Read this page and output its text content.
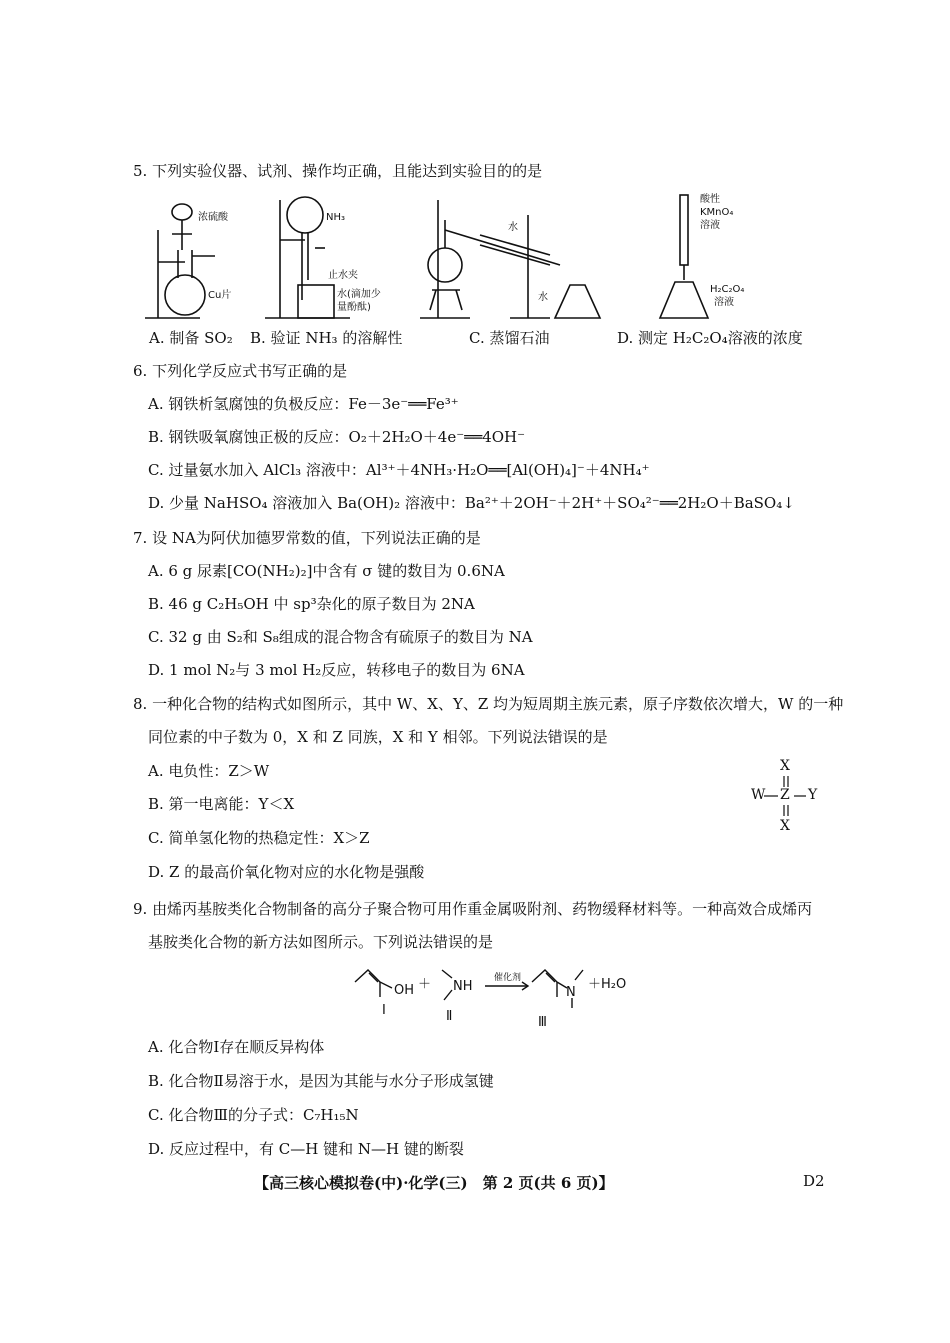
5. 下列实验仪器、试剂、操作均正确，且能达到实验目的的是
浓硫酸
Cu片
NH₃
止水夹
水(滴加少
量酚酞)
水
水
酸性
KMnO₄
溶液
H₂C₂O₄
溶液
A. 制备 SO₂ B. 验证 NH₃ 的溶解性	C. 蒸馏石油	D. 测定 H₂C₂O₄溶液的浓度
6. 下列化学反应式书写正确的是
A. 钢铁析氢腐蚀的负极反应：Fe－3e⁻══Fe³⁺
B. 钢铁吸氧腐蚀正极的反应：O₂＋2H₂O＋4e⁻══4OH⁻
C. 过量氨水加入 AlCl₃ 溶液中：Al³⁺＋4NH₃·H₂O══[Al(OH)₄]⁻＋4NH₄⁺
D. 少量 NaHSO₄ 溶液加入 Ba(OH)₂ 溶液中：Ba²⁺＋2OH⁻＋2H⁺＋SO₄²⁻══2H₂O＋BaSO₄↓
7. 设 NA为阿伏加德罗常数的值，下列说法正确的是
A. 6 g 尿素[CO(NH₂)₂]中含有 σ 键的数目为 0.6NA
B. 46 g C₂H₅OH 中 sp³杂化的原子数目为 2NA
C. 32 g 由 S₂和 S₈组成的混合物含有硫原子的数目为 NA
D. 1 mol N₂与 3 mol H₂反应，转移电子的数目为 6NA
8. 一种化合物的结构式如图所示，其中 W、X、Y、Z 均为短周期主族元素，原子序数依次增大，W 的一种
同位素的中子数为 0，X 和 Z 同族，X 和 Y 相邻。下列说法错误的是
A. 电负性：Z＞W
B. 第一电离能：Y＜X
C. 简单氢化物的热稳定性：X＞Z
D. Z 的最高价氧化物对应的水化物是强酸
X
W Z Y
X
9. 由烯丙基胺类化合物制备的高分子聚合物可用作重金属吸附剂、药物缓释材料等。一种高效合成烯丙
基胺类化合物的新方法如图所示。下列说法错误的是
OH ＋ NH
催化剂
N
＋H₂O
Ⅰ	Ⅱ	Ⅲ
A. 化合物Ⅰ存在顺反异构体
B. 化合物Ⅱ易溶于水，是因为其能与水分子形成氢键
C. 化合物Ⅲ的分子式：C₇H₁₅N
D. 反应过程中，有 C—H 键和 N—H 键的断裂
【高三核心模拟卷(中)·化学(三)　第 2 页(共 6 页)】	D2
